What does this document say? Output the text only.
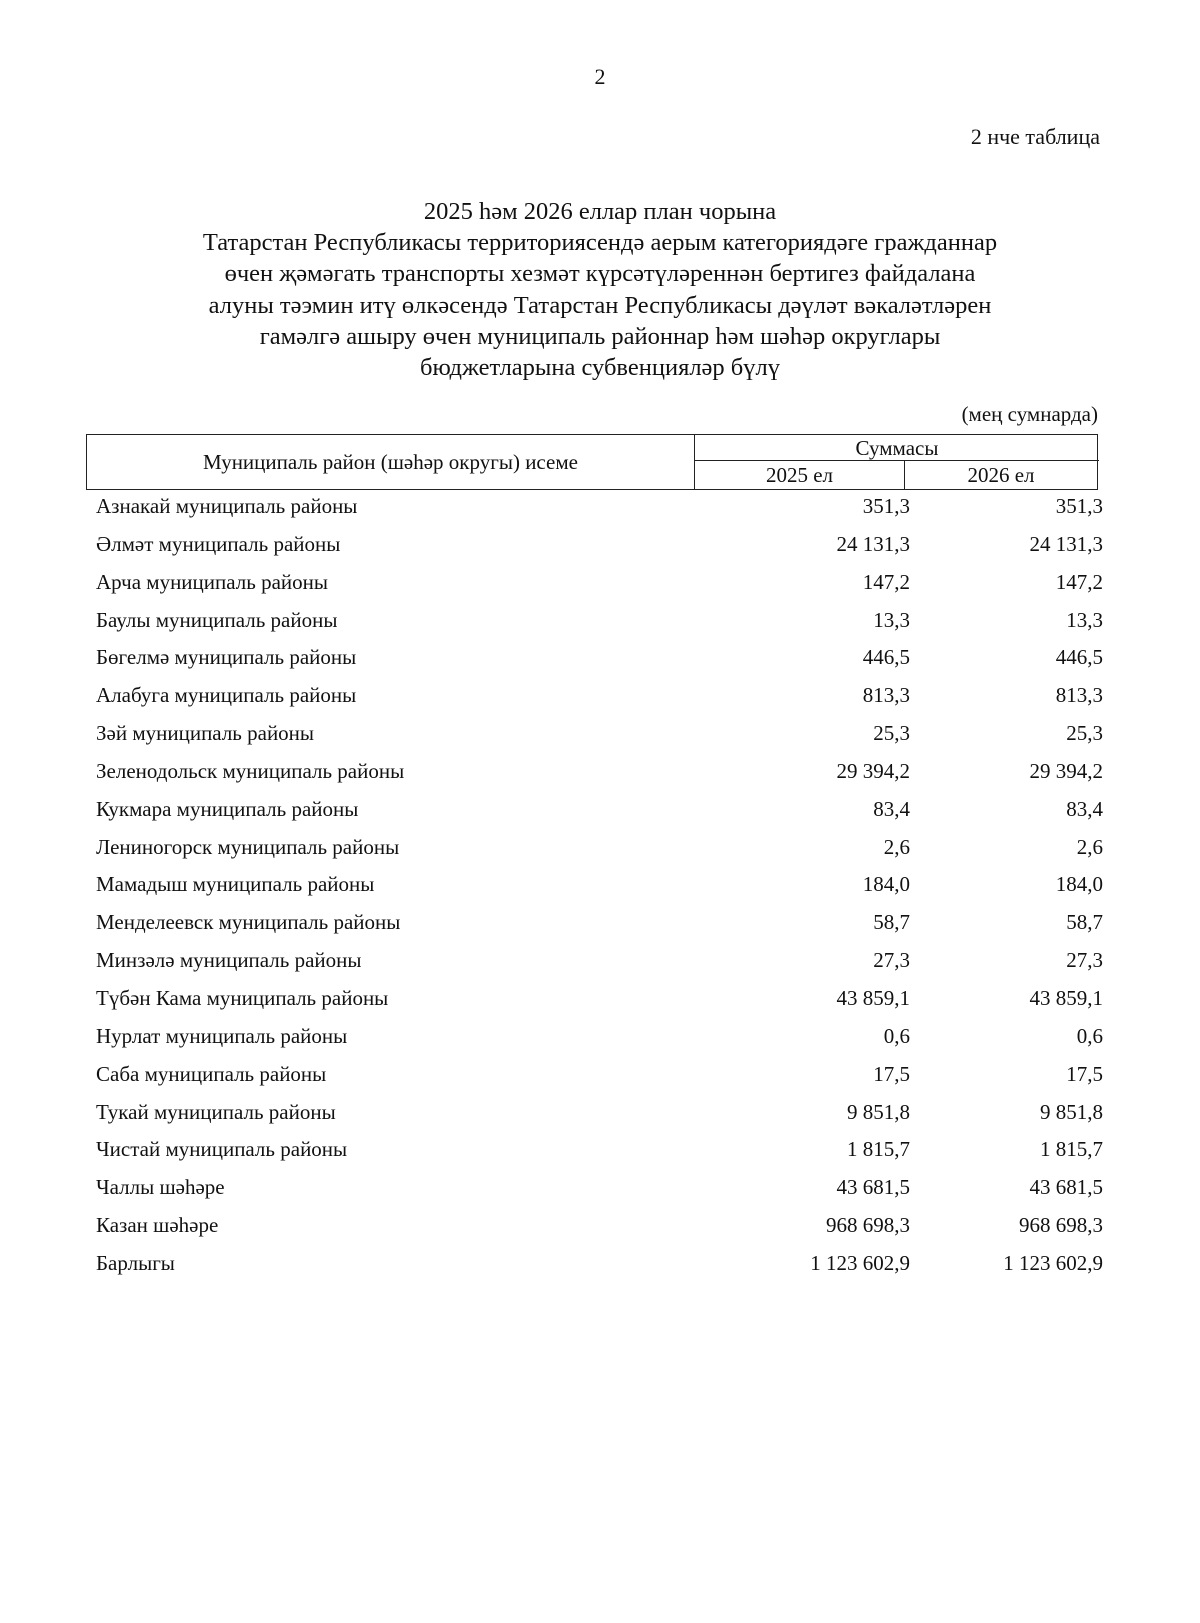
2
2 нче таблица
2025 һәм 2026 еллар план чорына
Татарстан Республикасы территориясендә аерым категориядәге гражданнар
өчен җәмәгать транспорты хезмәт күрсәтүләреннән бертигез файдалана
алуны тәэмин итү өлкәсендә Татарстан Республикасы дәүләт вәкаләтләрен
гамәлгә ашыру өчен муниципаль районнар һәм шәһәр округлары
бюджетларына субвенцияләр бүлү
(мең сумнарда)
Муниципаль район (шәһәр округы) исеме
Суммасы
2025 ел	2026 ел
Азнакай муниципаль районы	351,3	351,3
Әлмәт муниципаль районы	24 131,3	24 131,3
Арча муниципаль районы	147,2	147,2
Баулы муниципаль районы	13,3	13,3
Бөгелмә муниципаль районы	446,5	446,5
Алабуга муниципаль районы	813,3	813,3
Зәй муниципаль районы	25,3	25,3
Зеленодольск муниципаль районы	29 394,2	29 394,2
Кукмара муниципаль районы	83,4	83,4
Лениногорск муниципаль районы	2,6	2,6
Мамадыш муниципаль районы	184,0	184,0
Менделеевск муниципаль районы	58,7	58,7
Минзәлә муниципаль районы	27,3	27,3
Түбән Кама муниципаль районы	43 859,1	43 859,1
Нурлат муниципаль районы	0,6	0,6
Саба муниципаль районы	17,5	17,5
Тукай муниципаль районы	9 851,8	9 851,8
Чистай муниципаль районы	1 815,7	1 815,7
Чаллы шәһәре	43 681,5	43 681,5
Казан шәһәре	968 698,3	968 698,3
Барлыгы	1 123 602,9	1 123 602,9
